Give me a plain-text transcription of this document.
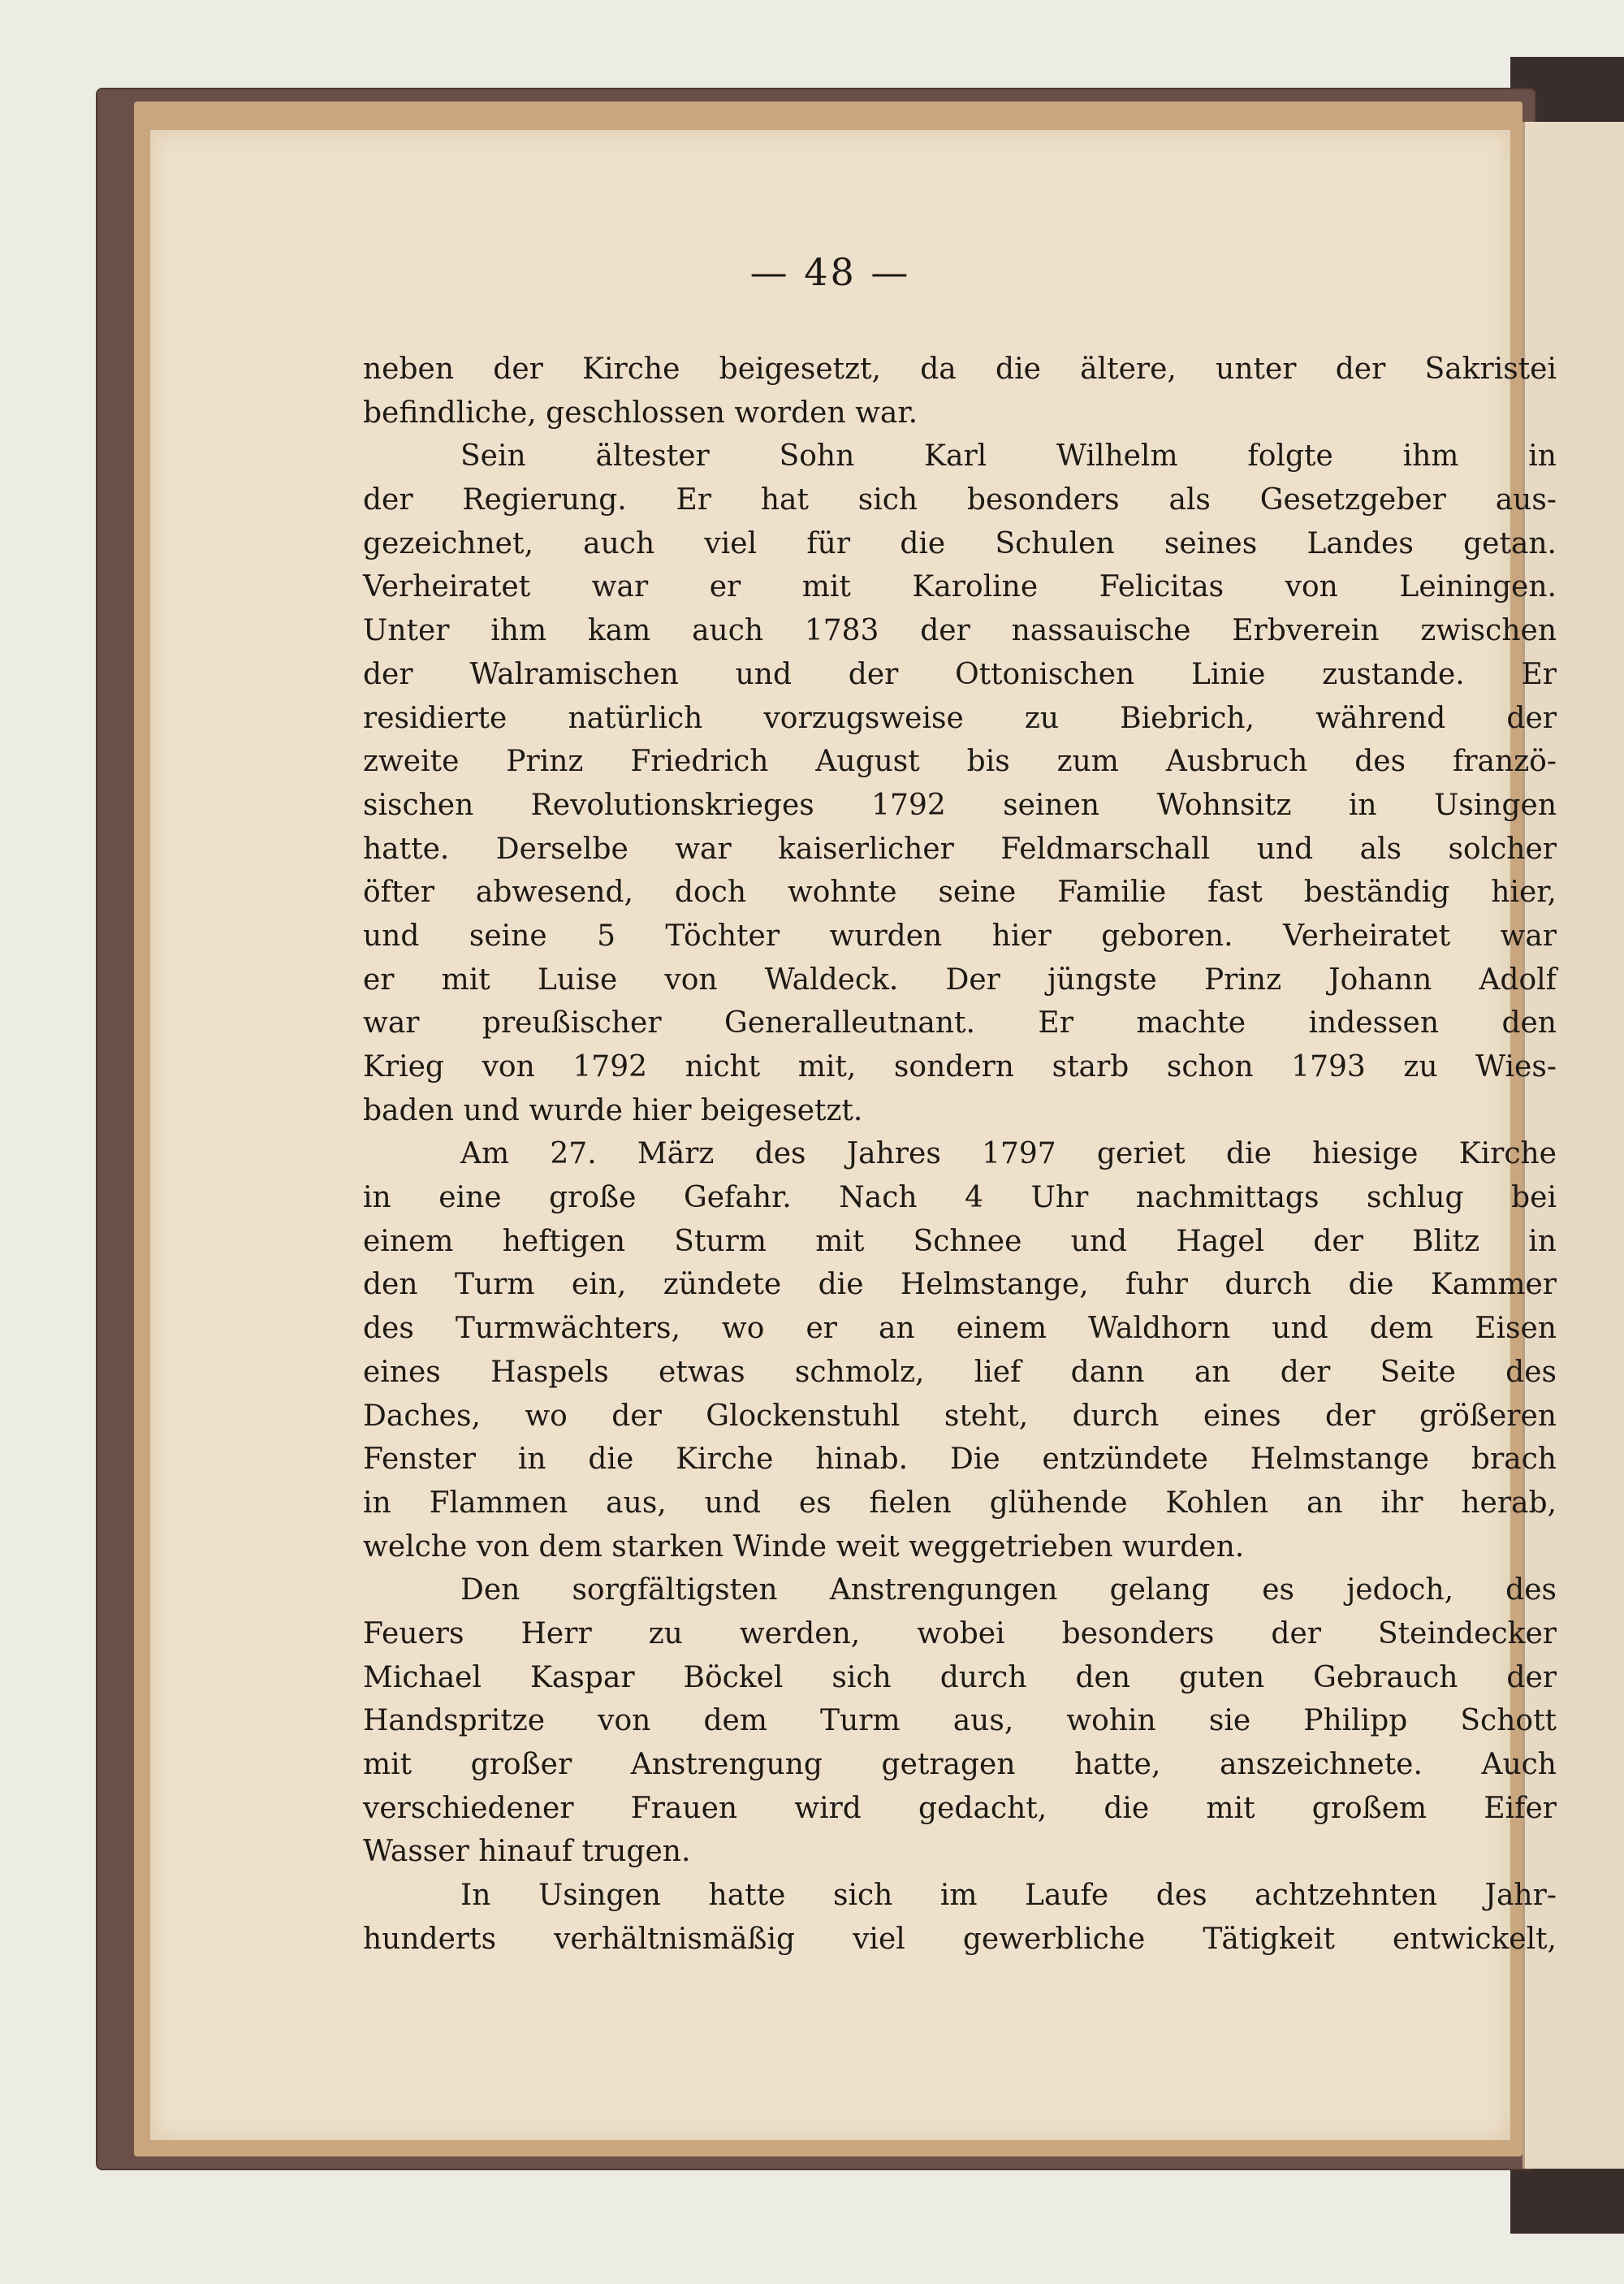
— 48 —
neben der Kirche beigesetzt, da die ältere, unter der Sakristei
befindliche, geschlossen worden war.
Sein ältester Sohn Karl Wilhelm folgte ihm in
der Regierung. Er hat sich besonders als Gesetzgeber aus-
gezeichnet, auch viel für die Schulen seines Landes getan.
Verheiratet war er mit Karoline Felicitas von Leiningen.
Unter ihm kam auch 1783 der nassauische Erbverein zwischen
der Walramischen und der Ottonischen Linie zustande. Er
residierte natürlich vorzugsweise zu Biebrich, während der
zweite Prinz Friedrich August bis zum Ausbruch des franzö-
sischen Revolutionskrieges 1792 seinen Wohnsitz in Usingen
hatte. Derselbe war kaiserlicher Feldmarschall und als solcher
öfter abwesend, doch wohnte seine Familie fast beständig hier,
und seine 5 Töchter wurden hier geboren. Verheiratet war
er mit Luise von Waldeck. Der jüngste Prinz Johann Adolf
war preußischer Generalleutnant. Er machte indessen den
Krieg von 1792 nicht mit, sondern starb schon 1793 zu Wies-
baden und wurde hier beigesetzt.
Am 27. März des Jahres 1797 geriet die hiesige Kirche
in eine große Gefahr. Nach 4 Uhr nachmittags schlug bei
einem heftigen Sturm mit Schnee und Hagel der Blitz in
den Turm ein, zündete die Helmstange, fuhr durch die Kammer
des Turmwächters, wo er an einem Waldhorn und dem Eisen
eines Haspels etwas schmolz, lief dann an der Seite des
Daches, wo der Glockenstuhl steht, durch eines der größeren
Fenster in die Kirche hinab. Die entzündete Helmstange brach
in Flammen aus, und es fielen glühende Kohlen an ihr herab,
welche von dem starken Winde weit weggetrieben wurden.
Den sorgfältigsten Anstrengungen gelang es jedoch, des
Feuers Herr zu werden, wobei besonders der Steindecker
Michael Kaspar Böckel sich durch den guten Gebrauch der
Handspritze von dem Turm aus, wohin sie Philipp Schott
mit großer Anstrengung getragen hatte, anszeichnete. Auch
verschiedener Frauen wird gedacht, die mit großem Eifer
Wasser hinauf trugen.
In Usingen hatte sich im Laufe des achtzehnten Jahr-
hunderts verhältnismäßig viel gewerbliche Tätigkeit entwickelt,
